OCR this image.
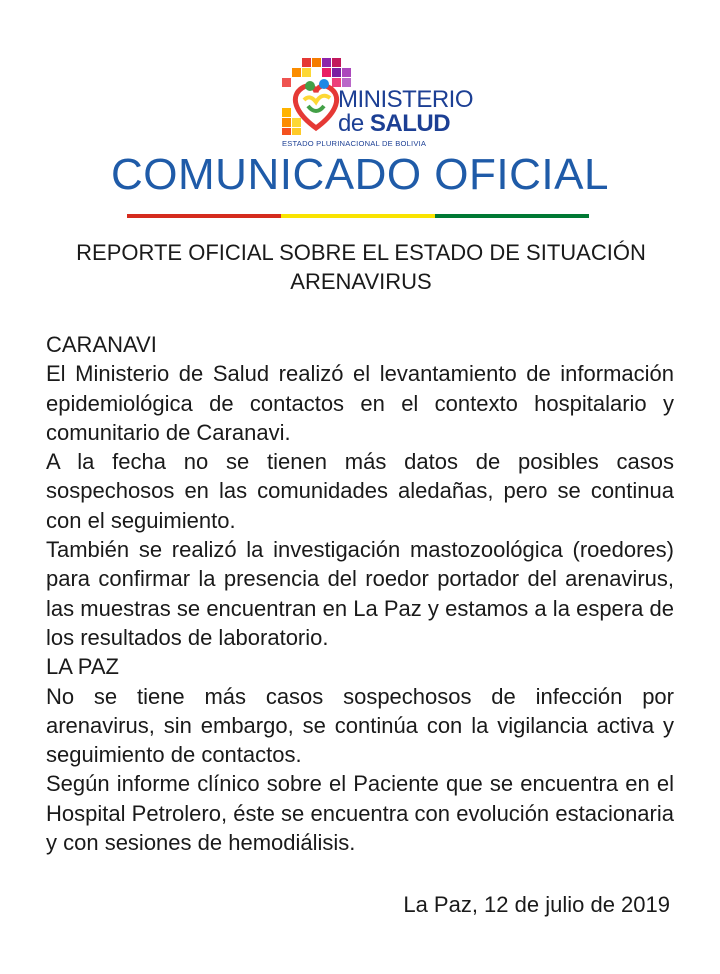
MINISTERIO
de SALUD
ESTADO PLURINACIONAL DE BOLIVIA
COMUNICADO OFICIAL
REPORTE OFICIAL SOBRE EL ESTADO DE SITUACIÓN
ARENAVIRUS

CARANAVI

El Ministerio de Salud realizó el levantamiento de información epidemiológica de contactos en el contexto hospitalario y comunitario de Caranavi.

A la fecha no se tienen más datos de posibles casos sospechosos en las comunidades aledañas, pero se continua con el seguimiento.

También se realizó la investigación mastozoológica (roedores) para confirmar la presencia del roedor portador del arenavirus, las muestras se encuentran en La Paz y estamos a la espera de los resultados de laboratorio.

LA PAZ

No se tiene más casos sospechosos de infección por arenavirus, sin embargo, se continúa con la vigilancia activa y seguimiento de contactos.

Según informe clínico sobre el Paciente que se encuentra en el Hospital Petrolero, éste se encuentra con evolución estacionaria y con sesiones de hemodiálisis.

La Paz, 12 de julio de 2019
